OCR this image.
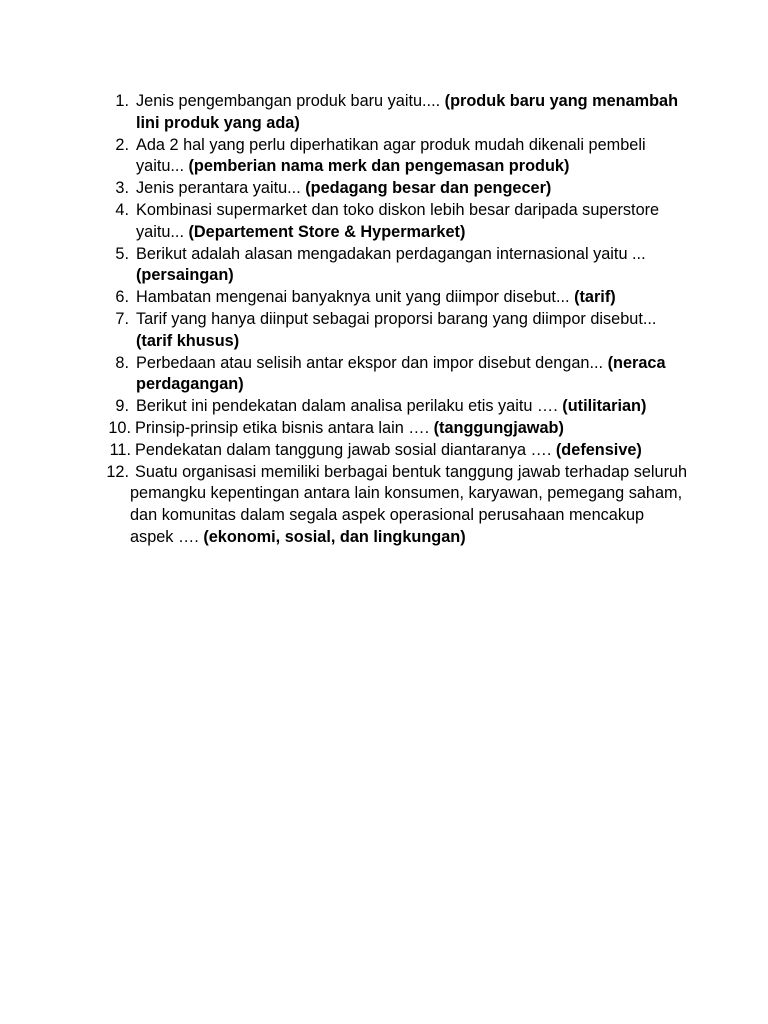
1. Jenis pengembangan produk baru yaitu.... (produk baru yang menambah lini produk yang ada)
2. Ada 2 hal yang perlu diperhatikan agar produk mudah dikenali pembeli yaitu... (pemberian nama merk dan pengemasan produk)
3. Jenis perantara yaitu... (pedagang besar dan pengecer)
4. Kombinasi supermarket dan toko diskon lebih besar daripada superstore yaitu... (Departement Store & Hypermarket)
5. Berikut adalah alasan mengadakan perdagangan internasional yaitu ... (persaingan)
6. Hambatan mengenai banyaknya unit yang diimpor disebut... (tarif)
7. Tarif yang hanya diinput sebagai proporsi barang yang diimpor disebut... (tarif khusus)
8. Perbedaan atau selisih antar ekspor dan impor disebut dengan... (neraca perdagangan)
9. Berikut ini pendekatan dalam analisa perilaku etis yaitu …. (utilitarian)
10. Prinsip-prinsip etika bisnis antara lain …. (tanggungjawab)
11. Pendekatan dalam tanggung jawab sosial diantaranya …. (defensive)
12. Suatu organisasi memiliki berbagai bentuk tanggung jawab terhadap seluruh pemangku kepentingan antara lain konsumen, karyawan, pemegang saham, dan komunitas dalam segala aspek operasional perusahaan mencakup aspek …. (ekonomi, sosial, dan lingkungan)
